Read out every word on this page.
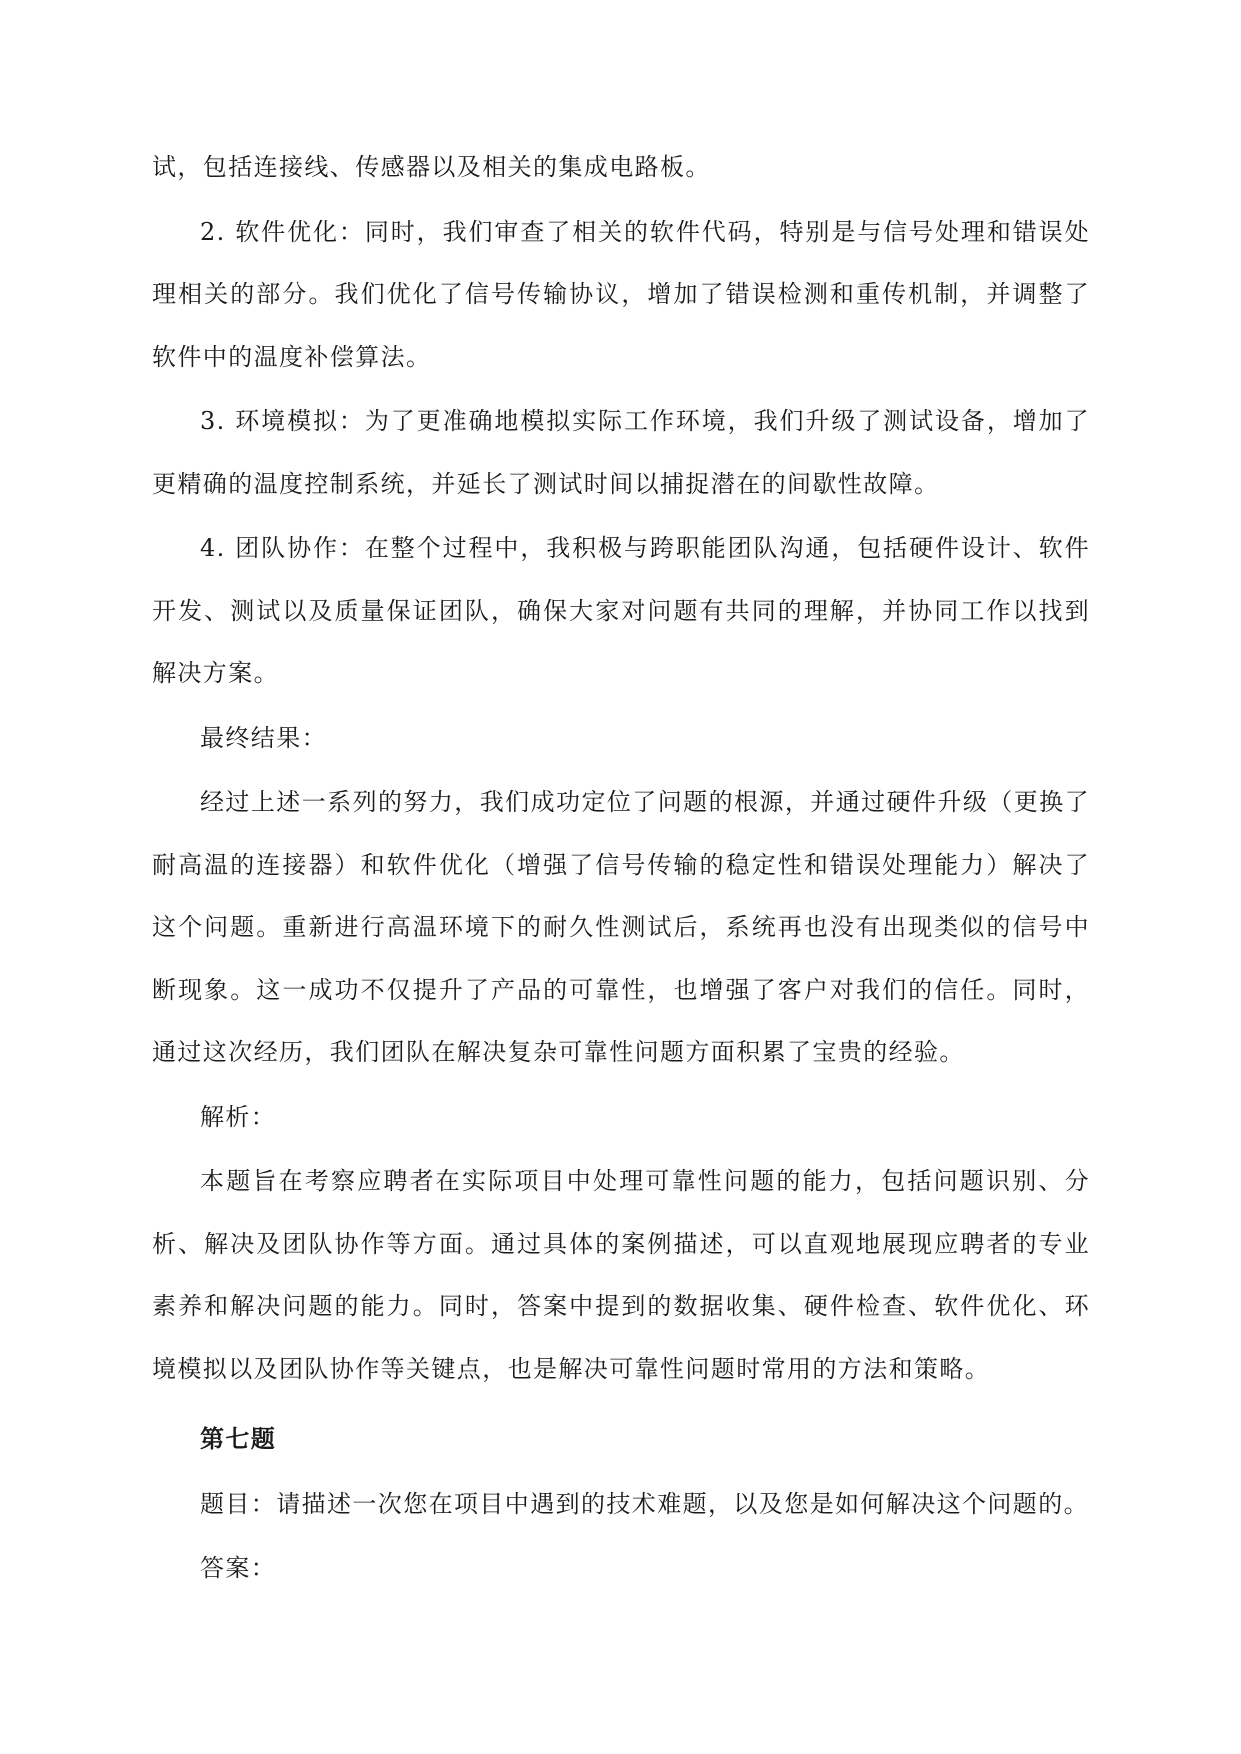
试，包括连接线、传感器以及相关的集成电路板。

2. 软件优化：同时，我们审查了相关的软件代码，特别是与信号处理和错误处理相关的部分。我们优化了信号传输协议，增加了错误检测和重传机制，并调整了软件中的温度补偿算法。

3. 环境模拟：为了更准确地模拟实际工作环境，我们升级了测试设备，增加了更精确的温度控制系统，并延长了测试时间以捕捉潜在的间歇性故障。

4. 团队协作：在整个过程中，我积极与跨职能团队沟通，包括硬件设计、软件开发、测试以及质量保证团队，确保大家对问题有共同的理解，并协同工作以找到解决方案。

最终结果：

经过上述一系列的努力，我们成功定位了问题的根源，并通过硬件升级（更换了耐高温的连接器）和软件优化（增强了信号传输的稳定性和错误处理能力）解决了这个问题。重新进行高温环境下的耐久性测试后，系统再也没有出现类似的信号中断现象。这一成功不仅提升了产品的可靠性，也增强了客户对我们的信任。同时，通过这次经历，我们团队在解决复杂可靠性问题方面积累了宝贵的经验。

解析：

本题旨在考察应聘者在实际项目中处理可靠性问题的能力，包括问题识别、分析、解决及团队协作等方面。通过具体的案例描述，可以直观地展现应聘者的专业素养和解决问题的能力。同时，答案中提到的数据收集、硬件检查、软件优化、环境模拟以及团队协作等关键点，也是解决可靠性问题时常用的方法和策略。

第七题

题目：请描述一次您在项目中遇到的技术难题，以及您是如何解决这个问题的。

答案：
